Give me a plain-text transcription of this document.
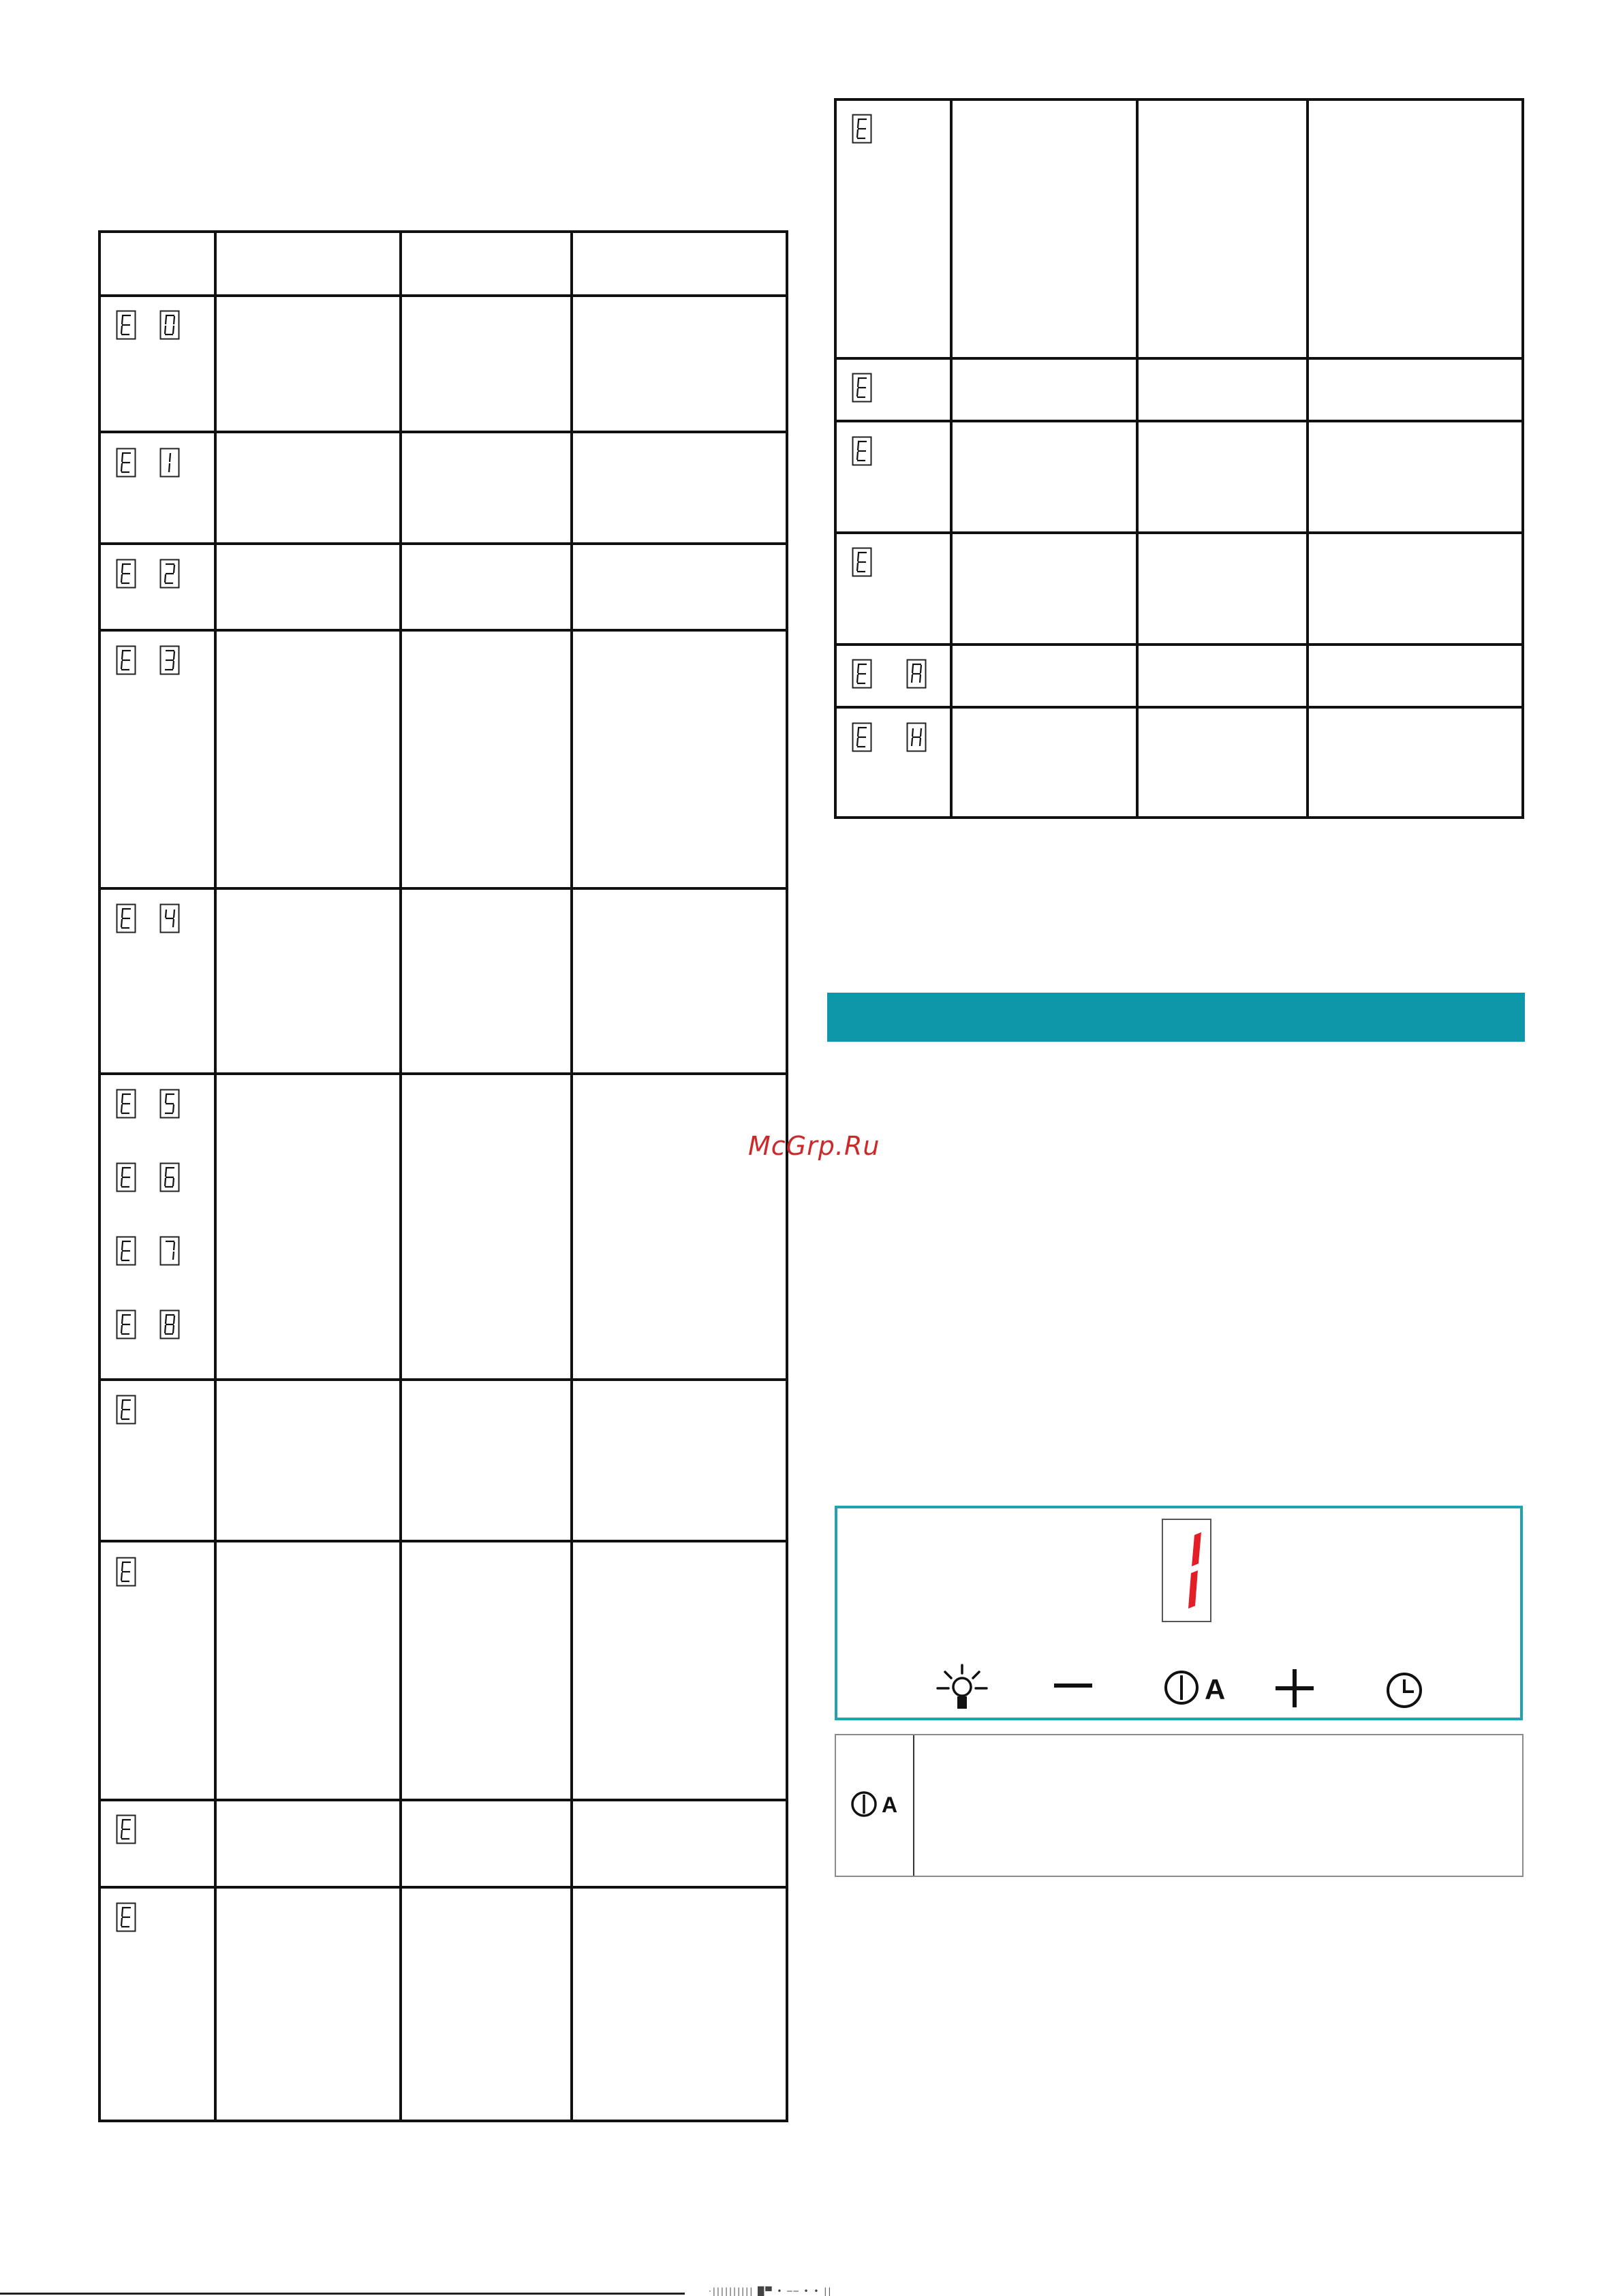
McGrp.Ru
A
A
·|||||||||| █▀ • ── • • ||
